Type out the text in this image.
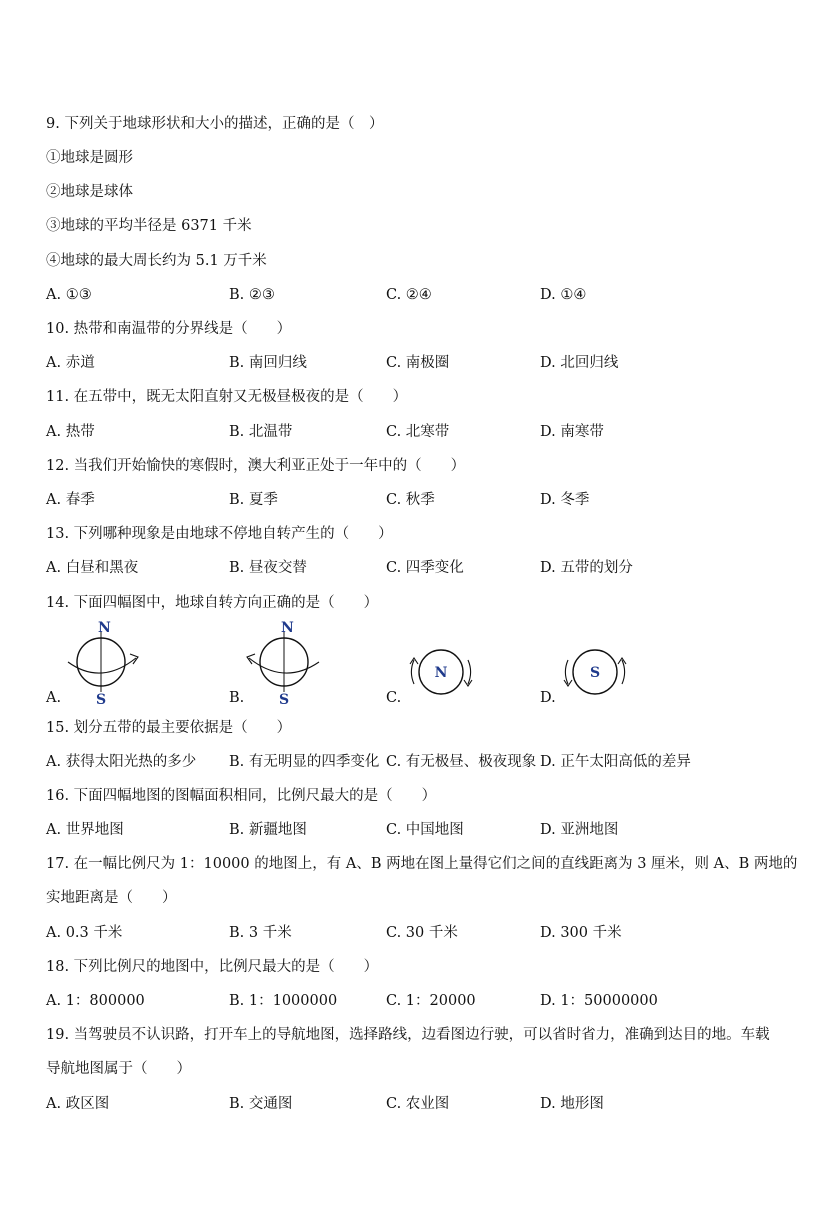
9. 下列关于地球形状和大小的描述，正确的是（　）
①地球是圆形
②地球是球体
③地球的平均半径是 6371 千米
④地球的最大周长约为 5.1 万千米
A. ①③	B. ②③	C. ②④	D. ①④
10. 热带和南温带的分界线是（　　）
A. 赤道	B. 南回归线	C. 南极圈	D. 北回归线
11. 在五带中，既无太阳直射又无极昼极夜的是（　　）
A. 热带	B. 北温带	C. 北寒带	D. 南寒带
12. 当我们开始愉快的寒假时，澳大利亚正处于一年中的（　　）
A. 春季	B. 夏季	C. 秋季	D. 冬季
13. 下列哪种现象是由地球不停地自转产生的（　　）
A. 白昼和黑夜	B. 昼夜交替	C. 四季变化	D. 五带的划分
14. 下面四幅图中，地球自转方向正确的是（　　）
N
S
A.
N
S
B.
N
C.
S
D.
15. 划分五带的最主要依据是（　　）
A. 获得太阳光热的多少 B. 有无明显的四季变化 C. 有无极昼、极夜现象 D. 正午太阳高低的差异
16. 下面四幅地图的图幅面积相同，比例尺最大的是（　　）
A. 世界地图	B. 新疆地图	C. 中国地图	D. 亚洲地图
17. 在一幅比例尺为 1：10000 的地图上，有 A、B 两地在图上量得它们之间的直线距离为 3 厘米，则 A、B 两地的
实地距离是（　　）
A. 0.3 千米	B. 3 千米	C. 30 千米	D. 300 千米
18. 下列比例尺的地图中，比例尺最大的是（　　）
A. 1：800000	B. 1：1000000	C. 1：20000	D. 1：50000000
19. 当驾驶员不认识路，打开车上的导航地图，选择路线，边看图边行驶，可以省时省力，准确到达目的地。车载
导航地图属于（　　）
A. 政区图	B. 交通图	C. 农业图	D. 地形图
